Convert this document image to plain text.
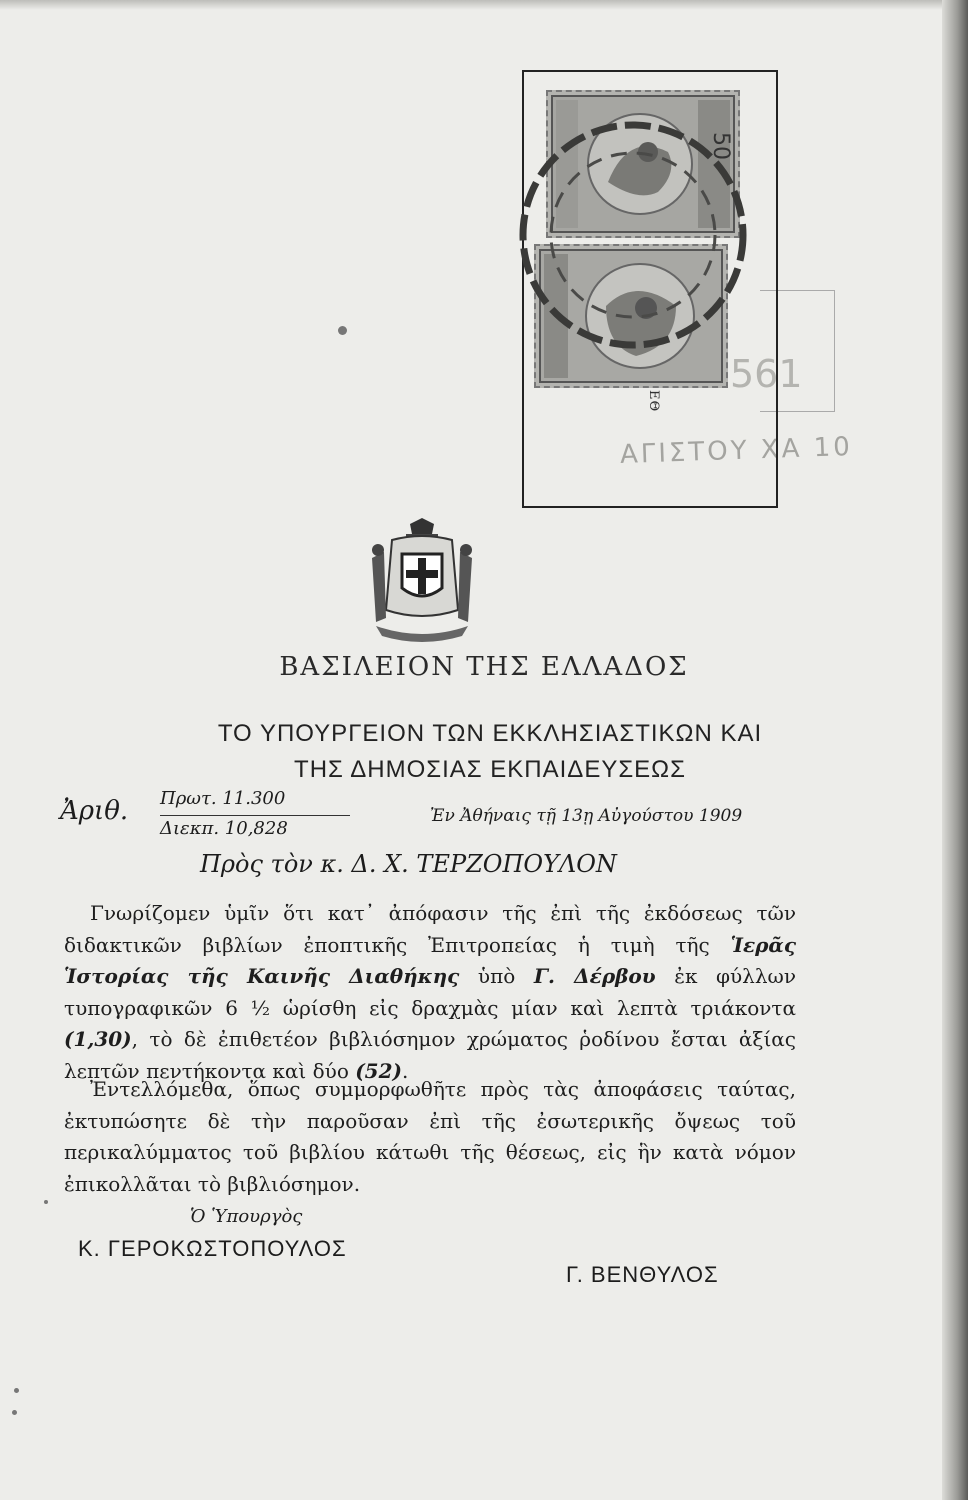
561
ΑΓΙΣΤΟΥ ΧΑ 10
50
ΕΘ
ΒΑΣΙΛΕΙΟΝ ΤΗΣ ΕΛΛΑΔΟΣ
ΤΟ ΥΠΟΥΡΓΕΙΟΝ ΤΩΝ ΕΚΚΛΗΣΙΑΣΤΙΚΩΝ ΚΑΙ
ΤΗΣ ΔΗΜΟΣΙΑΣ ΕΚΠΑΙΔΕΥΣΕΩΣ
Ἀριθ. Πρωτ. 11.300
Διεκπ. 10,828
Ἐν Ἀθήναις τῇ 13ῃ Αὐγούστου 1909
Πρὸς τὸν κ. Δ. Χ. ΤΕΡΖΟΠΟΥΛΟΝ
Γνωρίζομεν ὑμῖν ὅτι κατ᾽ ἀπόφασιν τῆς ἐπὶ τῆς ἐκδόσεως τῶν διδακτικῶν βιβλίων ἐποπτικῆς Ἐπιτροπείας ἡ τιμὴ τῆς Ἱερᾶς Ἱστορίας τῆς Καινῆς Διαθήκης ὑπὸ Γ. Δέρβου ἐκ φύλλων τυπογραφικῶν 6 ½ ὡρίσθη εἰς δραχμὰς μίαν καὶ λεπτὰ τριάκοντα (1,30), τὸ δὲ ἐπιθετέον βιβλιόσημον χρώματος ῥοδίνου ἔσται ἀξίας λεπτῶν πεντήκοντα καὶ δύο (52).
Ἐντελλόμεθα, ὅπως συμμορφωθῆτε πρὸς τὰς ἀποφάσεις ταύτας, ἐκτυπώσητε δὲ τὴν παροῦσαν ἐπὶ τῆς ἐσωτερικῆς ὄψεως τοῦ περικαλύμματος τοῦ βιβλίου κάτωθι τῆς θέσεως, εἰς ἣν κατὰ νόμον ἐπικολλᾶται τὸ βιβλιόσημον.
Ὁ Ὑπουργὸς
Κ. ΓΕΡΟΚΩΣΤΟΠΟΥΛΟΣ
Γ. ΒΕΝΘΥΛΟΣ
